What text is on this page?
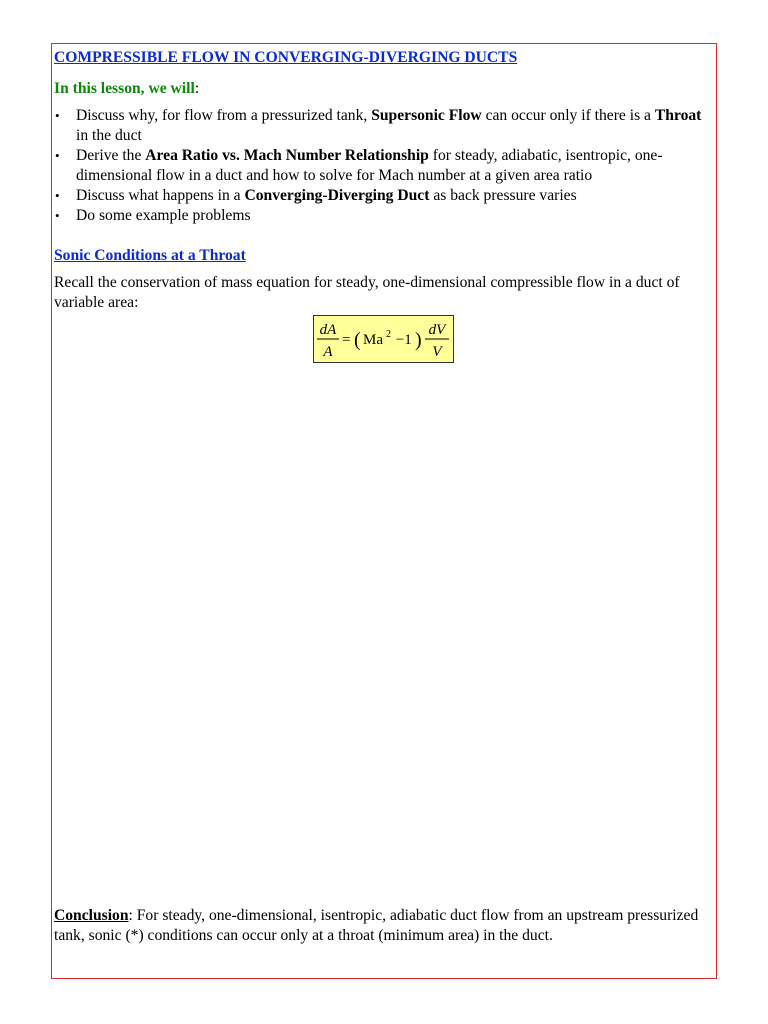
COMPRESSIBLE FLOW IN CONVERGING-DIVERGING DUCTS
In this lesson, we will:
• Discuss why, for flow from a pressurized tank, Supersonic Flow can occur only if there is a Throat in the duct
• Derive the Area Ratio vs. Mach Number Relationship for steady, adiabatic, isentropic, one-dimensional flow in a duct and how to solve for Mach number at a given area ratio
• Discuss what happens in a Converging-Diverging Duct as back pressure varies
• Do some example problems
Sonic Conditions at a Throat

Recall the conservation of mass equation for steady, one-dimensional compressible flow in a duct of variable area:

dA
A
= ( Ma 2 −1 ) dV
V

Conclusion: For steady, one-dimensional, isentropic, adiabatic duct flow from an upstream pressurized tank, sonic (*) conditions can occur only at a throat (minimum area) in the duct.
